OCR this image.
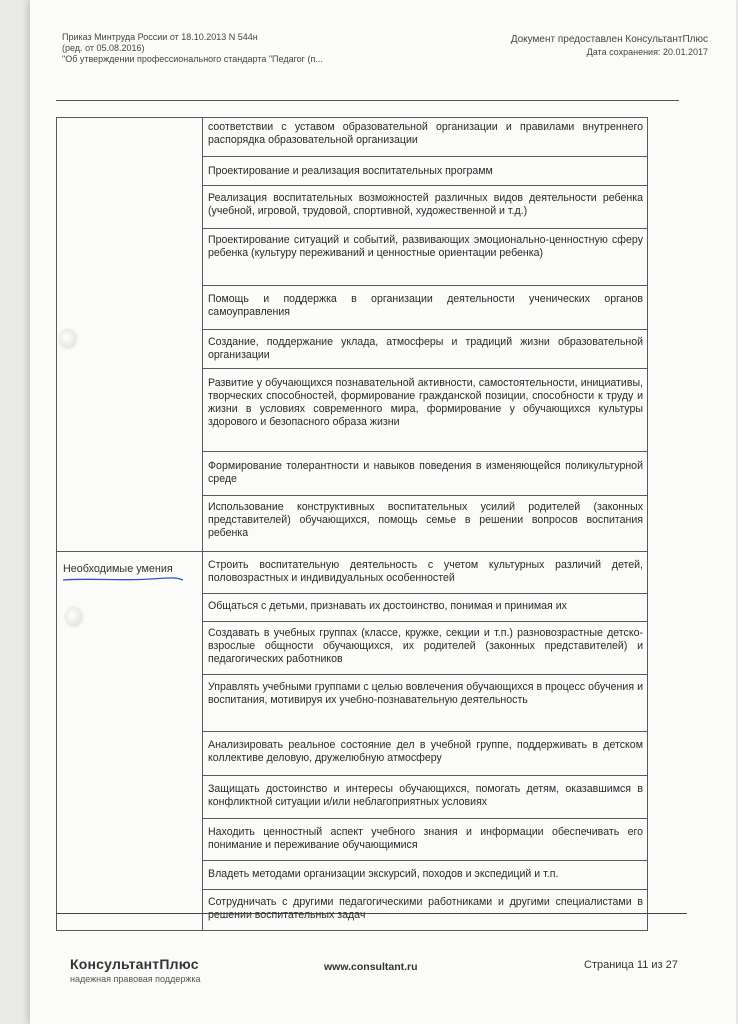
Приказ Минтруда России от 18.10.2013 N 544н
(ред. от 05.08.2016)
"Об утверждении профессионального стандарта "Педагог (п...
Документ предоставлен КонсультантПлюс
Дата сохранения: 20.01.2017

	соответствии с уставом образовательной организации и правилами внутреннего распорядка образовательной организации

	Проектирование и реализация воспитательных программ

	Реализация воспитательных возможностей различных видов деятельности ребенка (учебной, игровой, трудовой, спортивной, художественной и т.д.)

	Проектирование ситуаций и событий, развивающих эмоционально-ценностную сферу ребенка (культуру переживаний и ценностные ориентации ребенка)

	Помощь и поддержка в организации деятельности ученических органов самоуправления

	Создание, поддержание уклада, атмосферы и традиций жизни образовательной организации

	Развитие у обучающихся познавательной активности, самостоятельности, инициативы, творческих способностей, формирование гражданской позиции, способности к труду и жизни в условиях современного мира, формирование у обучающихся культуры здорового и безопасного образа жизни

	Формирование толерантности и навыков поведения в изменяющейся поликультурной среде

	Использование конструктивных воспитательных усилий родителей (законных представителей) обучающихся, помощь семье в решении вопросов воспитания ребенка

Необходимые умения	Строить воспитательную деятельность с учетом культурных различий детей, половозрастных и индивидуальных особенностей

	Общаться с детьми, признавать их достоинство, понимая и принимая их

	Создавать в учебных группах (классе, кружке, секции и т.п.) разновозрастные детско-взрослые общности обучающихся, их родителей (законных представителей) и педагогических работников

	Управлять учебными группами с целью вовлечения обучающихся в процесс обучения и воспитания, мотивируя их учебно-познавательную деятельность

	Анализировать реальное состояние дел в учебной группе, поддерживать в детском коллективе деловую, дружелюбную атмосферу

	Защищать достоинство и интересы обучающихся, помогать детям, оказавшимся в конфликтной ситуации и/или неблагоприятных условиях

	Находить ценностный аспект учебного знания и информации обеспечивать его понимание и переживание обучающимися

	Владеть методами организации экскурсий, походов и экспедиций и т.п.

	Сотрудничать с другими педагогическими работниками и другими специалистами в решении воспитательных задач
КонсультантПлюс
надежная правовая поддержка
www.consultant.ru	Страница 11 из 27
